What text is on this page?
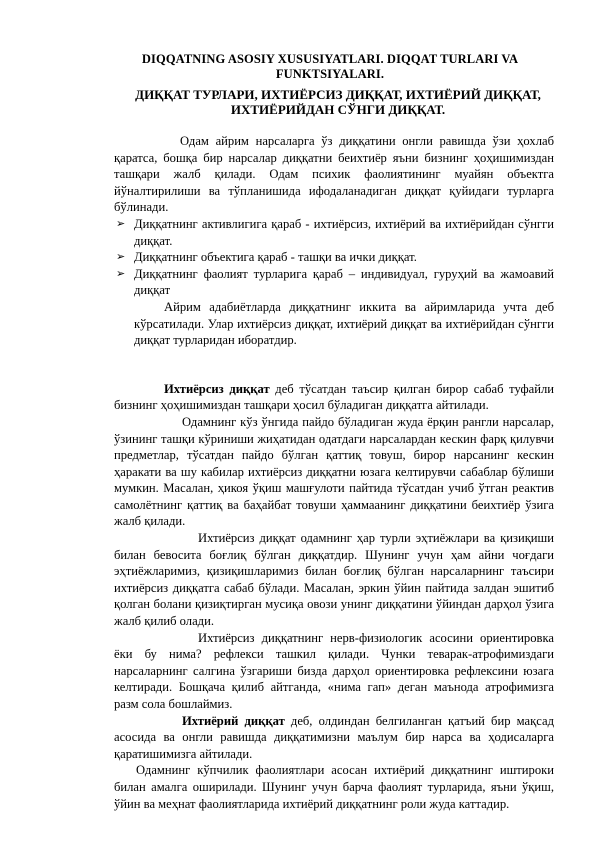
DIQQATNING ASOSIY XUSUSIYATLARI. DIQQAT TURLARI VA FUNKTSIYALARI.
ДИҚҚАТ ТУРЛАРИ, ИХТИЁРСИЗ ДИҚҚАТ, ИХТИЁРИЙ ДИҚҚАТ, ИХТИЁРИЙДАН СЎНГИ ДИҚҚАТ.

Одам айрим нарсаларга ўз диққатини онгли равишда ўзи ҳохлаб қаратса, бошқа бир нарсалар диққатни беихтиёр яъни бизнинг ҳоҳишимиздан ташқари жалб қилади. Одам психик фаолиятининг муайян объектга йўналтирилиши ва тўпланишида ифодаланадиган диққат қуйидаги турларга бўлинади.

➢ Диққатнинг активлигига қараб - ихтиёрсиз, ихтиёрий ва ихтиёрийдан сўнгги диққат.
➢ Диққатнинг объектига қараб - ташқи ва ички диққат.
➢ Диққатнинг фаолият турларига қараб – индивидуал, гуруҳий ва жамоавий диққат

Айрим адабиётларда диққатнинг иккита ва айримларида учта деб кўрсатилади. Улар ихтиёрсиз диққат, ихтиёрий диққат ва ихтиёрийдан сўнгги диққат турларидан иборатдир.

Ихтиёрсиз диққат деб тўсатдан таъсир қилган бирор сабаб туфайли бизнинг ҳоҳишимиздан ташқари ҳосил бўладиган диққатга айтилади.

Одамнинг кўз ўнгида пайдо бўладиган жуда ёрқин рангли нарсалар, ўзининг ташқи кўриниши жиҳатидан одатдаги нарсалардан кескин фарқ қилувчи предметлар, тўсатдан пайдо бўлган қаттиқ товуш, бирор нарсанинг кескин ҳаракати ва шу кабилар ихтиёрсиз диққатни юзага келтирувчи сабаблар бўлиши мумкин. Масалан, ҳикоя ўқиш машғулоти пайтида тўсатдан учиб ўтган реактив самолётнинг қаттиқ ва баҳайбат товуши ҳаммаанинг диққатини беихтиёр ўзига жалб қилади.

Ихтиёрсиз диққат одамнинг ҳар турли эҳтиёжлари ва қизиқиши билан бевосита боғлиқ бўлган диққатдир. Шунинг учун ҳам айни чоғдаги эҳтиёжларимиз, қизиқишларимиз билан боғлиқ бўлган нарсаларнинг таъсири ихтиёрсиз диққатга сабаб бўлади. Масалан, эркин ўйин пайтида залдан эшитиб қолган болани қизиқтирган мусиқа овози унинг диққатини ўйиндан дарҳол ўзига жалб қилиб олади.

Ихтиёрсиз диққатнинг нерв-физиологик асосини ориентировка ёки бу нима? рефлекси ташкил қилади. Чунки теварак-атрофимиздаги нарсаларнинг салгина ўзгариши бизда дарҳол ориентировка рефлексини юзага келтиради. Бошқача қилиб айтганда, «нима гап» деган маънода атрофимизга разм сола бошлаймиз.

Ихтиёрий диққат деб, олдиндан белгиланган қатъий бир мақсад асосида ва онгли равишда диққатимизни маълум бир нарса ва ҳодисаларга қаратишимизга айтилади.

Одамнинг кўпчилик фаолиятлари асосан ихтиёрий диққатнинг иштироки билан амалга оширилади. Шунинг учун барча фаолият турларида, яъни ўқиш, ўйин ва меҳнат фаолиятларида ихтиёрий диққатнинг роли жуда каттадир.
